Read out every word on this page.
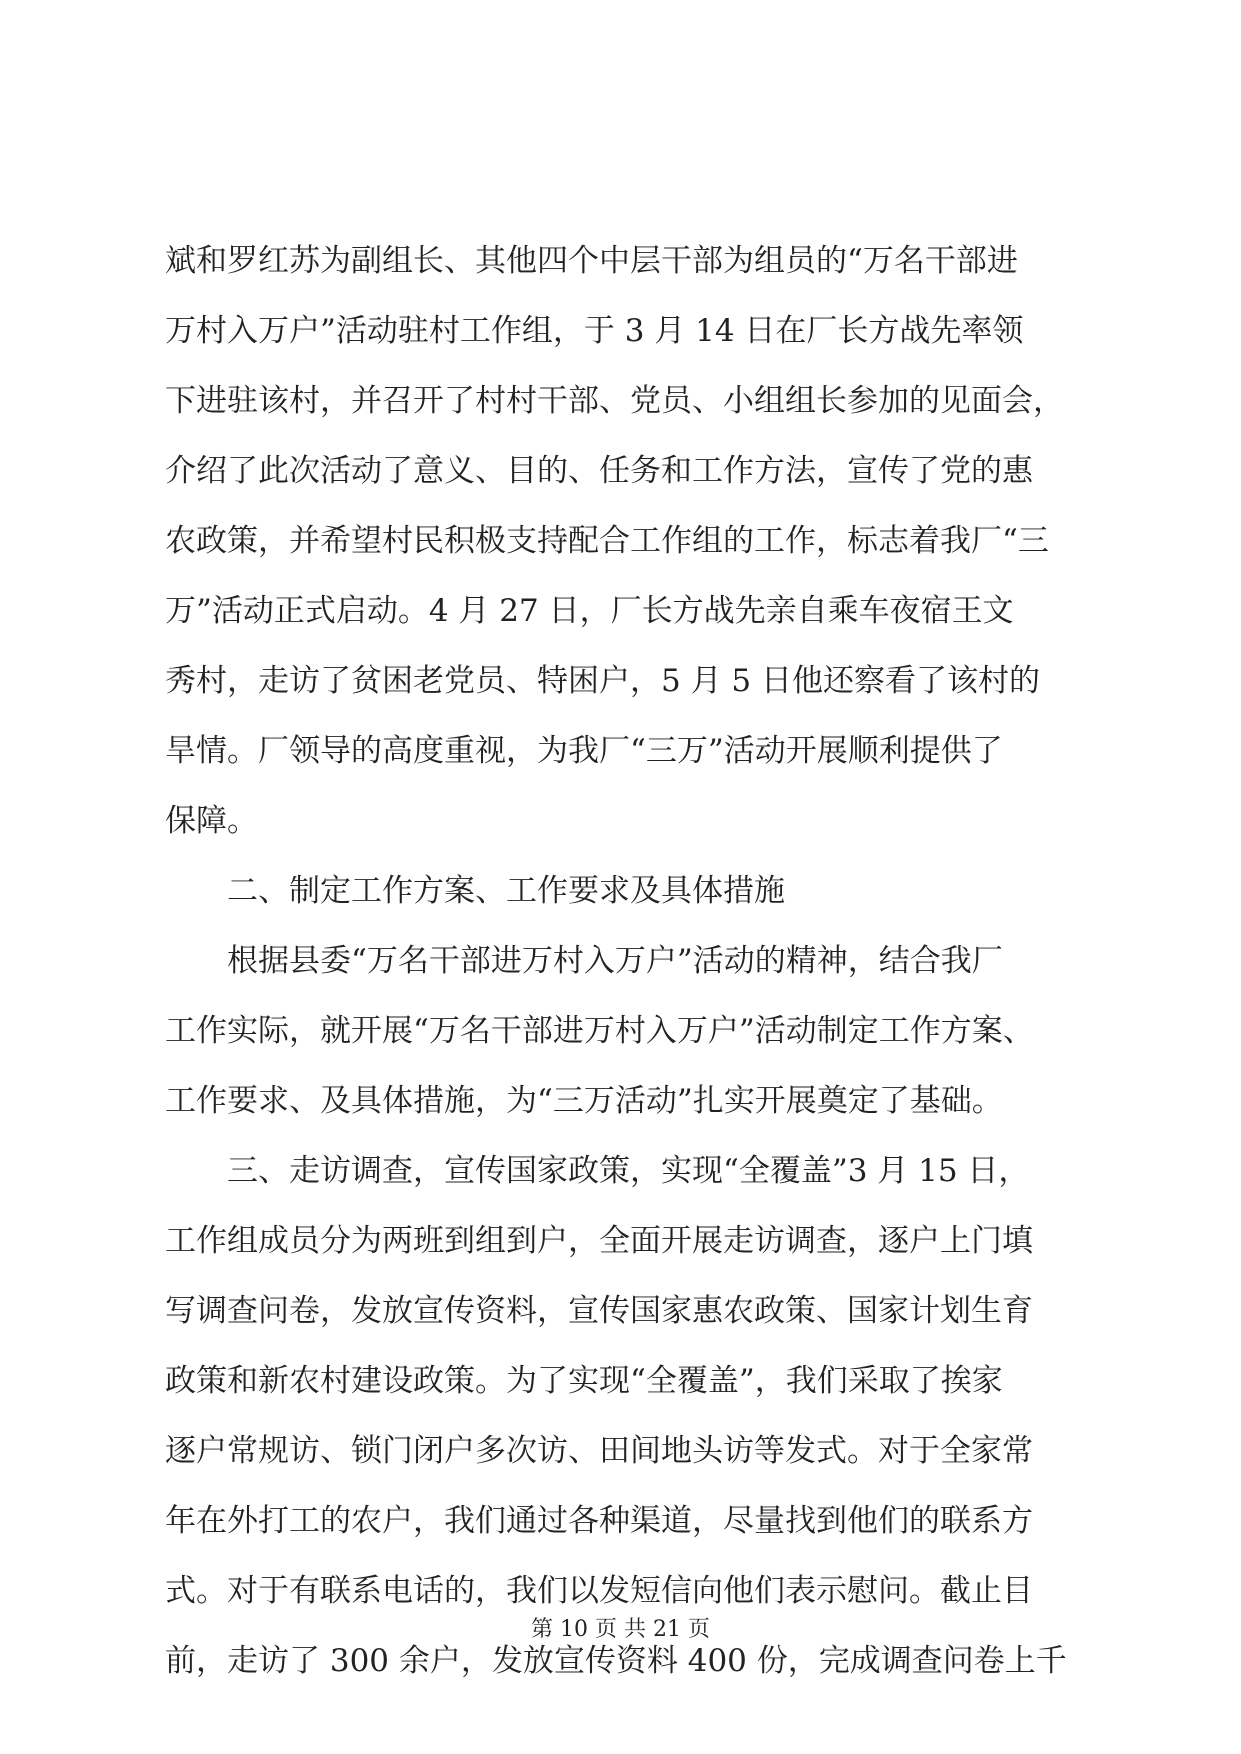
斌和罗红苏为副组长、其他四个中层干部为组员的“万名干部进
万村入万户”活动驻村工作组，于 3 月 14 日在厂长方战先率领
下进驻该村，并召开了村村干部、党员、小组组长参加的见面会，
介绍了此次活动了意义、目的、任务和工作方法，宣传了党的惠
农政策，并希望村民积极支持配合工作组的工作，标志着我厂“三
万”活动正式启动。4 月 27 日，厂长方战先亲自乘车夜宿王文
秀村，走访了贫困老党员、特困户，5 月 5 日他还察看了该村的
旱情。厂领导的高度重视，为我厂“三万”活动开展顺利提供了
保障。
二、制定工作方案、工作要求及具体措施
根据县委“万名干部进万村入万户”活动的精神，结合我厂
工作实际，就开展“万名干部进万村入万户”活动制定工作方案、
工作要求、及具体措施，为“三万活动”扎实开展奠定了基础。
三、走访调查，宣传国家政策，实现“全覆盖”3 月 15 日，
工作组成员分为两班到组到户，全面开展走访调查，逐户上门填
写调查问卷，发放宣传资料，宣传国家惠农政策、国家计划生育
政策和新农村建设政策。为了实现“全覆盖”，我们采取了挨家
逐户常规访、锁门闭户多次访、田间地头访等发式。对于全家常
年在外打工的农户，我们通过各种渠道，尽量找到他们的联系方
式。对于有联系电话的，我们以发短信向他们表示慰问。截止目
前，走访了 300 余户，发放宣传资料 400 份，完成调查问卷上千
第 10 页 共 21 页
